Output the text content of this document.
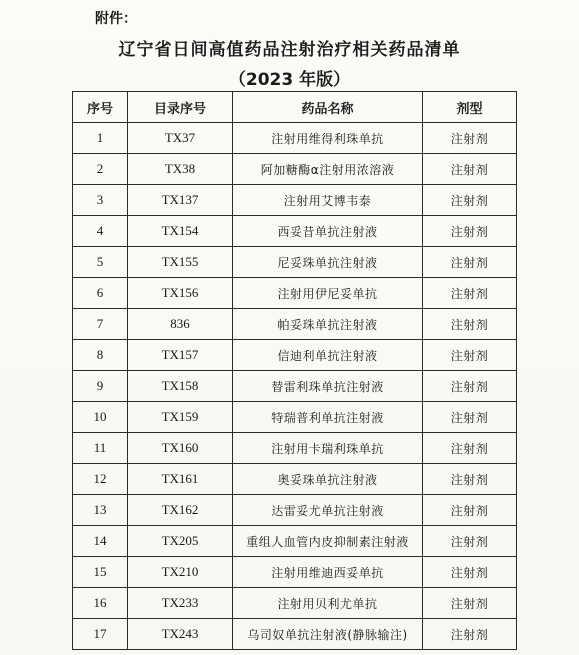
附件：
辽宁省日间高值药品注射治疗相关药品清单
（2023 年版）
序号	目录序号	药品名称	剂型
1	TX37	注射用维得利珠单抗	注射剂
2	TX38	阿加糖酶α注射用浓溶液	注射剂
3	TX137	注射用艾博韦泰	注射剂
4	TX154	西妥昔单抗注射液	注射剂
5	TX155	尼妥珠单抗注射液	注射剂
6	TX156	注射用伊尼妥单抗	注射剂
7	836	帕妥珠单抗注射液	注射剂
8	TX157	信迪利单抗注射液	注射剂
9	TX158	替雷利珠单抗注射液	注射剂
10	TX159	特瑞普利单抗注射液	注射剂
11	TX160	注射用卡瑞利珠单抗	注射剂
12	TX161	奥妥珠单抗注射液	注射剂
13	TX162	达雷妥尤单抗注射液	注射剂
14	TX205	重组人血管内皮抑制素注射液	注射剂
15	TX210	注射用维迪西妥单抗	注射剂
16	TX233	注射用贝利尤单抗	注射剂
17	TX243	乌司奴单抗注射液(静脉输注)	注射剂
